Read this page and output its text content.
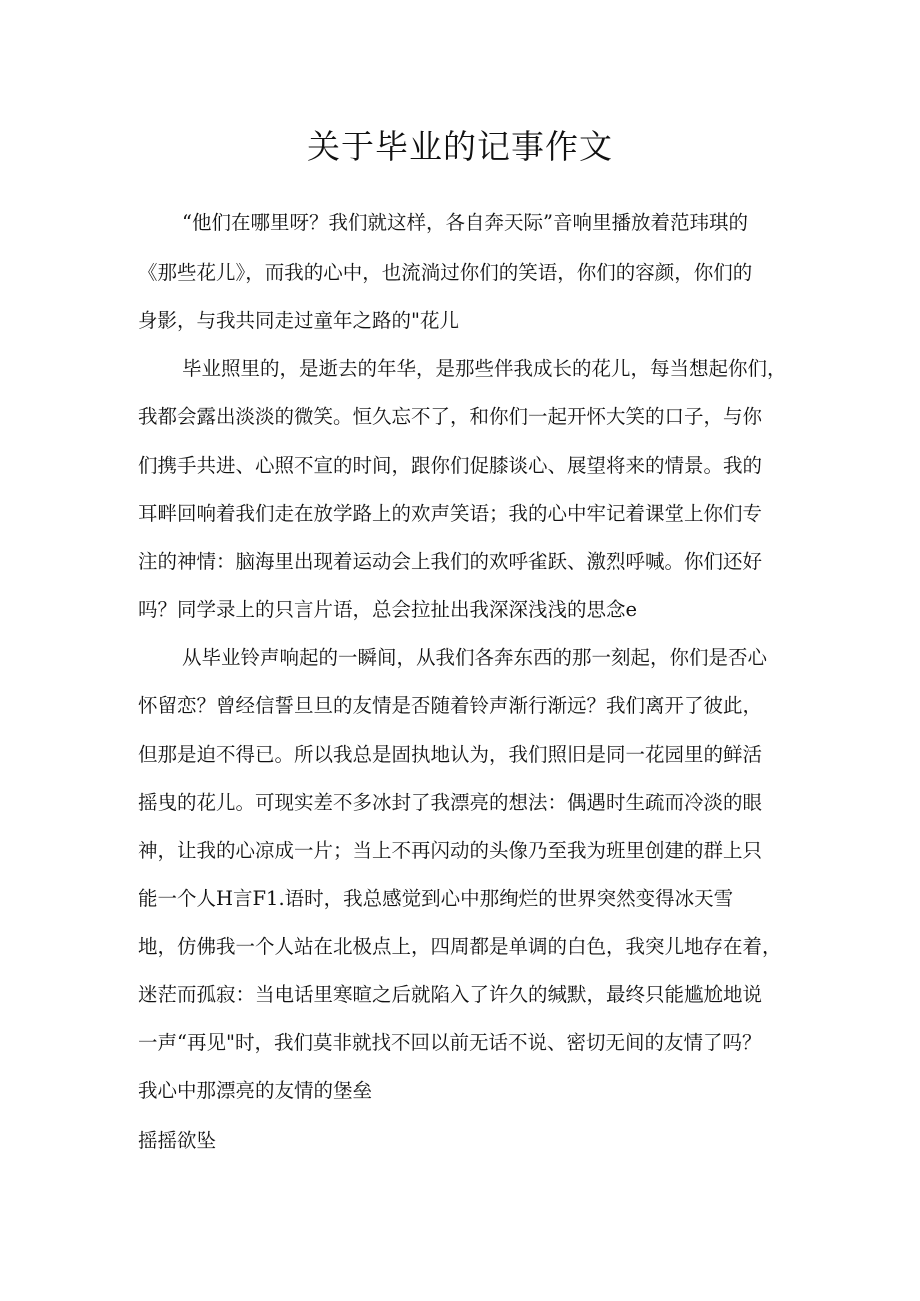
关于毕业的记事作文

“他们在哪里呀？我们就这样，各自奔天际”音响里播放着范玮琪的

《那些花儿》，而我的心中，也流淌过你们的笑语，你们的容颜，你们的

身影，与我共同走过童年之路的"花儿

毕业照里的，是逝去的年华，是那些伴我成长的花儿，每当想起你们，

我都会露出淡淡的微笑。恒久忘不了，和你们一起开怀大笑的口子，与你

们携手共进、心照不宣的时间，跟你们促膝谈心、展望将来的情景。我的

耳畔回响着我们走在放学路上的欢声笑语；我的心中牢记着课堂上你们专

注的神情：脑海里出现着运动会上我们的欢呼雀跃、激烈呼喊。你们还好

吗？同学录上的只言片语，总会拉扯出我深深浅浅的思念e

从毕业铃声响起的一瞬间，从我们各奔东西的那一刻起，你们是否心

怀留恋？曾经信誓旦旦的友情是否随着铃声渐行渐远？我们离开了彼此，

但那是迫不得已。所以我总是固执地认为，我们照旧是同一花园里的鲜活

摇曳的花儿。可现实差不多冰封了我漂亮的想法：偶遇时生疏而冷淡的眼

神，让我的心凉成一片；当上不再闪动的头像乃至我为班里创建的群上只

能一个人H言F1.语时，我总感觉到心中那绚烂的世界突然变得冰天雪

地，仿佛我一个人站在北极点上，四周都是单调的白色，我突儿地存在着，

迷茫而孤寂：当电话里寒暄之后就陷入了许久的缄默，最终只能尴尬地说

一声“再见"时，我们莫非就找不回以前无话不说、密切无间的友情了吗？

我心中那漂亮的友情的堡垒

摇摇欲坠
